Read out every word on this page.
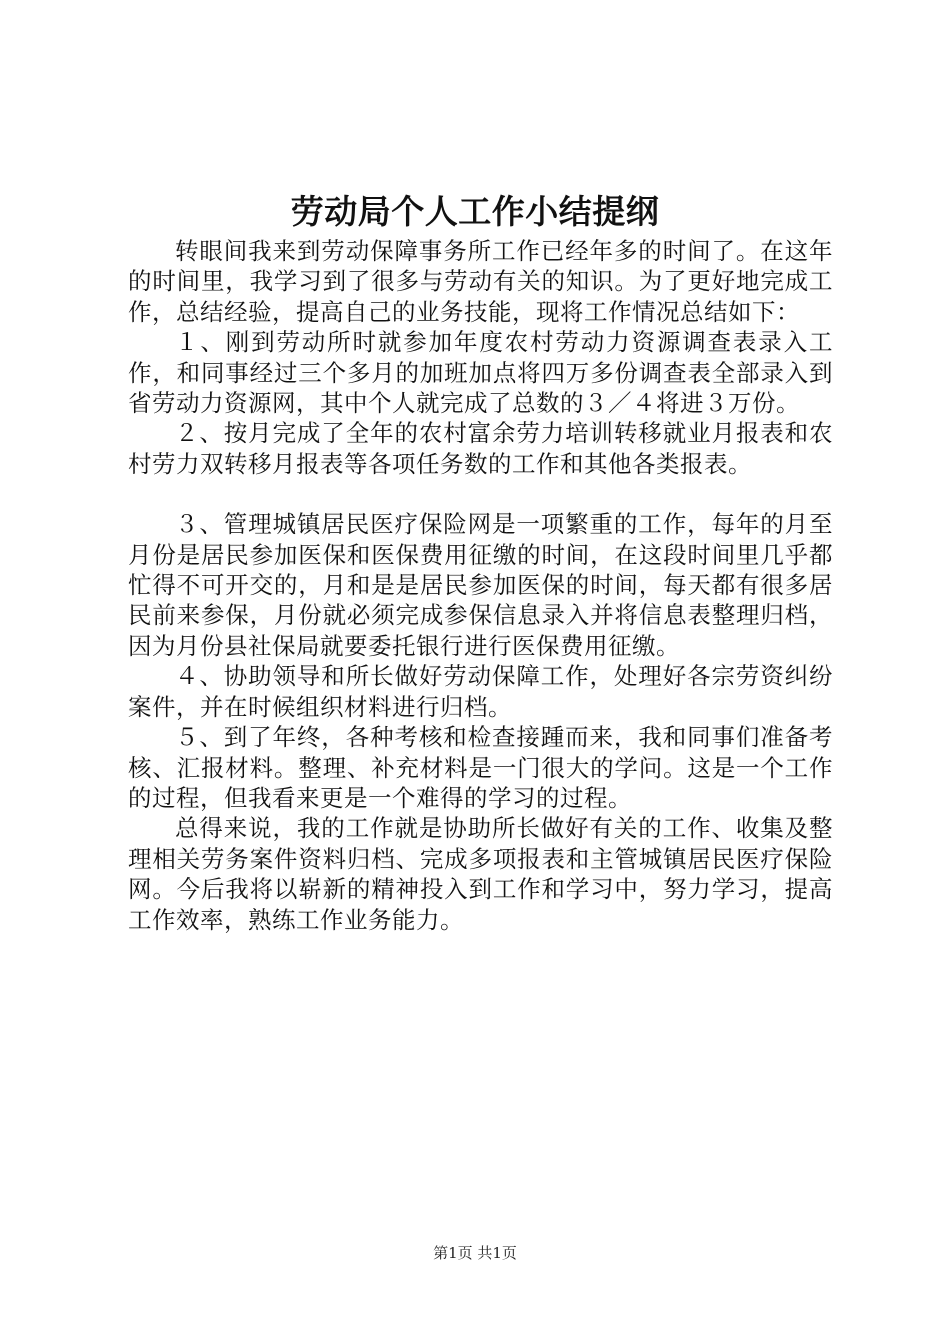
劳动局个人工作小结提纲

转眼间我来到劳动保障事务所工作已经年多的时间了。在这年的时间里，我学习到了很多与劳动有关的知识。为了更好地完成工作，总结经验，提高自己的业务技能，现将工作情况总结如下：

１、刚到劳动所时就参加年度农村劳动力资源调查表录入工作，和同事经过三个多月的加班加点将四万多份调查表全部录入到省劳动力资源网，其中个人就完成了总数的３／４将进３万份。

２、按月完成了全年的农村富余劳力培训转移就业月报表和农村劳力双转移月报表等各项任务数的工作和其他各类报表。

３、管理城镇居民医疗保险网是一项繁重的工作，每年的月至月份是居民参加医保和医保费用征缴的时间，在这段时间里几乎都忙得不可开交的，月和是是居民参加医保的时间，每天都有很多居民前来参保，月份就必须完成参保信息录入并将信息表整理归档，因为月份县社保局就要委托银行进行医保费用征缴。

４、协助领导和所长做好劳动保障工作，处理好各宗劳资纠纷案件，并在时候组织材料进行归档。

５、到了年终，各种考核和检查接踵而来，我和同事们准备考核、汇报材料。整理、补充材料是一门很大的学问。这是一个工作的过程，但我看来更是一个难得的学习的过程。

总得来说，我的工作就是协助所长做好有关的工作、收集及整理相关劳务案件资料归档、完成多项报表和主管城镇居民医疗保险网。今后我将以崭新的精神投入到工作和学习中，努力学习，提高工作效率，熟练工作业务能力。

第1页 共1页
